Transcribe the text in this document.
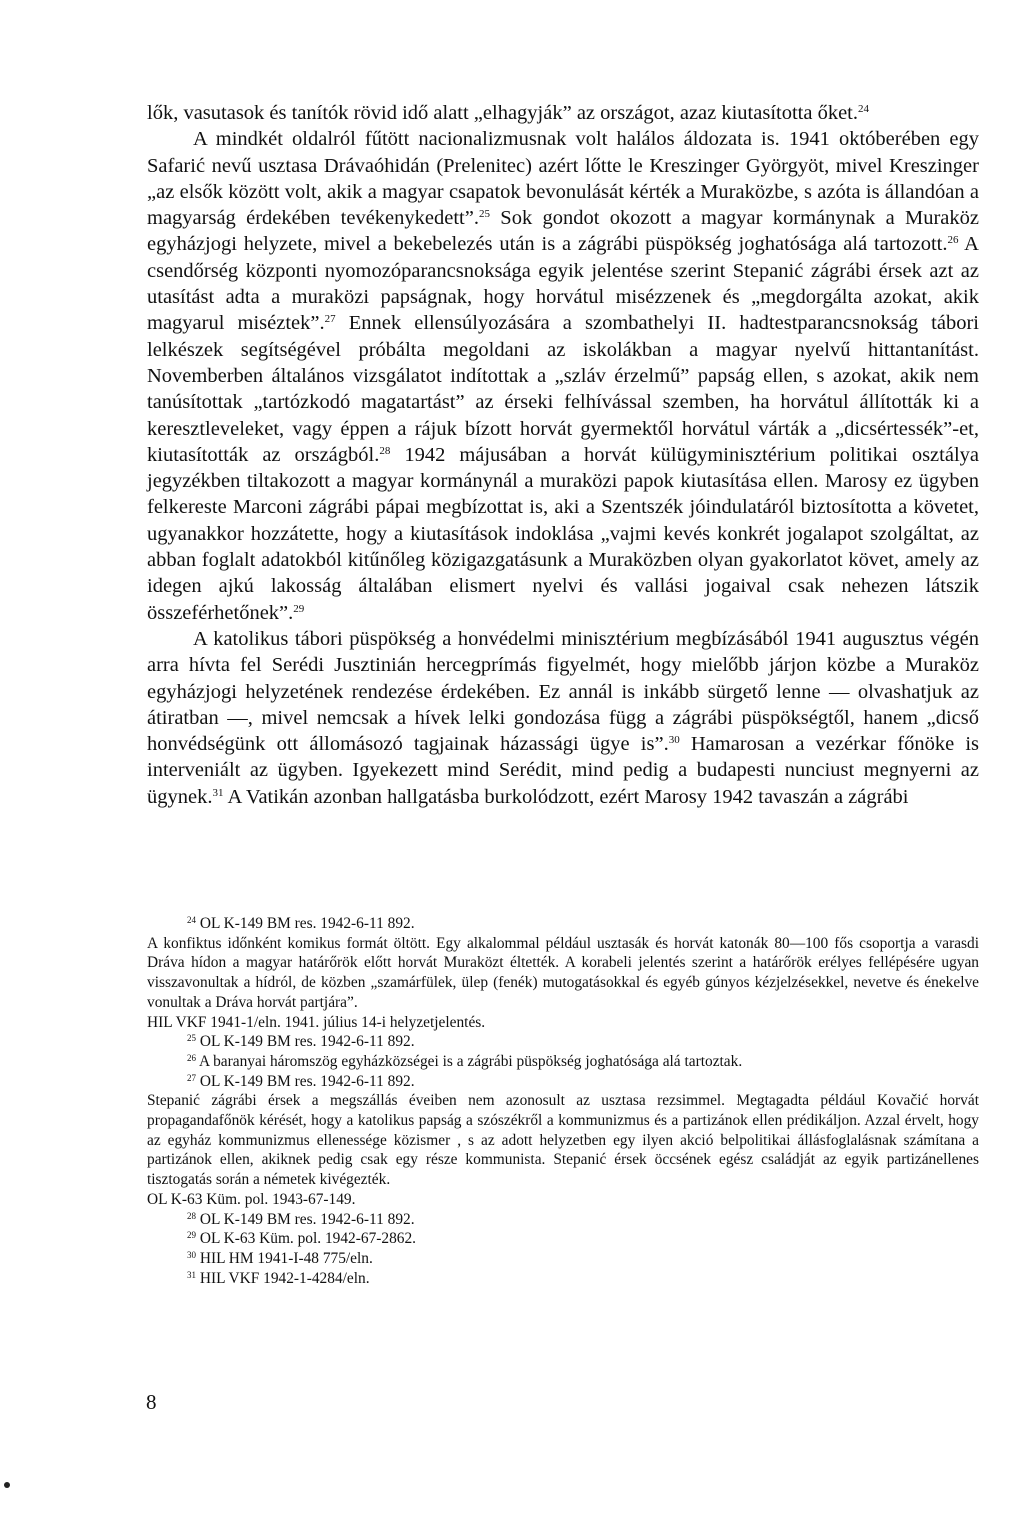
lők, vasutasok és tanítók rövid idő alatt „elhagyják” az országot, azaz kiutasította őket.$^{24}$

A mindkét oldalról fűtött nacionalizmusnak volt halálos áldozata is. 1941 októberében egy Safarić nevű usztasa Drávaóhidán (Prelenitec) azért lőtte le Kreszinger Györgyöt, mivel Kreszinger „az elsők között volt, akik a magyar csapatok bevonulását kérték a Muraközbe, s azóta is állandóan a magyarság érdekében tevékenykedett”.$^{25}$ Sok gondot okozott a magyar kormánynak a Muraköz egyházjogi helyzete, mivel a bekebelezés után is a zágrábi püspökség joghatósága alá tartozott.$^{26}$ A csendőrség központi nyomozóparancsnoksága egyik jelentése szerint Stepanić zágrábi érsek azt az utasítást adta a muraközi papságnak, hogy horvátul misézzenek és „megdorgálta azokat, akik magyarul miséztek”.$^{27}$ Ennek ellensúlyozására a szombathelyi II. hadtestparancsnokság tábori lelkészek segítségével próbálta megoldani az iskolákban a magyar nyelvű hittantanítást. Novemberben általános vizsgálatot indítottak a „szláv érzelmű” papság ellen, s azokat, akik nem tanúsítottak „tartózkodó magatartást” az érseki felhívással szemben, ha horvátul állították ki a keresztleveleket, vagy éppen a rájuk bízott horvát gyermektől horvátul várták a „dicsértessék”-et, kiutasították az országból.$^{28}$ 1942 májusában a horvát külügyminisztérium politikai osztálya jegyzékben tiltakozott a magyar kormánynál a muraközi papok kiutasítása ellen. Marosy ez ügyben felkereste Marconi zágrábi pápai megbízottat is, aki a Szentszék jóindulatáról biztosította a követet, ugyanakkor hozzátette, hogy a kiutasítások indoklása „vajmi kevés konkrét jogalapot szolgáltat, az abban foglalt adatokból kitűnőleg közigazgatásunk a Muraközben olyan gyakorlatot követ, amely az idegen ajkú lakosság általában elismert nyelvi és vallási jogaival csak nehezen látszik összeférhetőnek”.$^{29}$

A katolikus tábori püspökség a honvédelmi minisztérium megbízásából 1941 augusztus végén arra hívta fel Serédi Jusztinián hercegprímás figyelmét, hogy mielőbb járjon közbe a Muraköz egyházjogi helyzetének rendezése érdekében. Ez annál is inkább sürgető lenne — olvashatjuk az átiratban —, mivel nemcsak a hívek lelki gondozása függ a zágrábi püspökségtől, hanem „dicső honvédségünk ott állomásozó tagjainak házassági ügye is”.$^{30}$ Hamarosan a vezérkar főnöke is interveniált az ügyben. Igyekezett mind Serédit, mind pedig a budapesti nunciust megnyerni az ügynek.$^{31}$ A Vatikán azonban hallgatásba burkolódzott, ezért Marosy 1942 tavaszán a zágrábi

$^{24}$ OL K-149 BM res. 1942-6-11 892.

A konfiktus időnként komikus formát öltött. Egy alkalommal például usztasák és horvát katonák 80—100 fős csoportja a varasdi Dráva hídon a magyar határőrök előtt horvát Muraközt éltették. A korabeli jelentés szerint a határőrök erélyes fellépésére ugyan visszavonultak a hídról, de közben „szamárfülek, ülep (fenék) mutogatásokkal és egyéb gúnyos kézjelzésekkel, nevetve és énekelve vonultak a Dráva horvát partjára”.

HIL VKF 1941-1/eln. 1941. július 14-i helyzetjelentés.

$^{25}$ OL K-149 BM res. 1942-6-11 892.

$^{26}$ A baranyai háromszög egyházközségei is a zágrábi püspökség joghatósága alá tartoztak.

$^{27}$ OL K-149 BM res. 1942-6-11 892.

Stepanić zágrábi érsek a megszállás éveiben nem azonosult az usztasa rezsimmel. Megtagadta például Kovačić horvát propagandafőnök kérését, hogy a katolikus papság a szószékről a kommunizmus és a partizánok ellen prédikáljon. Azzal érvelt, hogy az egyház kommunizmus ellenessége közismer , s az adott helyzetben egy ilyen akció belpolitikai állásfoglalásnak számítana a partizánok ellen, akiknek pedig csak egy része kommunista. Stepanić érsek öccsének egész családját az egyik partizánellenes tisztogatás során a németek kivégezték.

OL K-63 Küm. pol. 1943-67-149.

$^{28}$ OL K-149 BM res. 1942-6-11 892.

$^{29}$ OL K-63 Küm. pol. 1942-67-2862.

$^{30}$ HIL HM 1941-I-48 775/eln.

$^{31}$ HIL VKF 1942-1-4284/eln.

8
